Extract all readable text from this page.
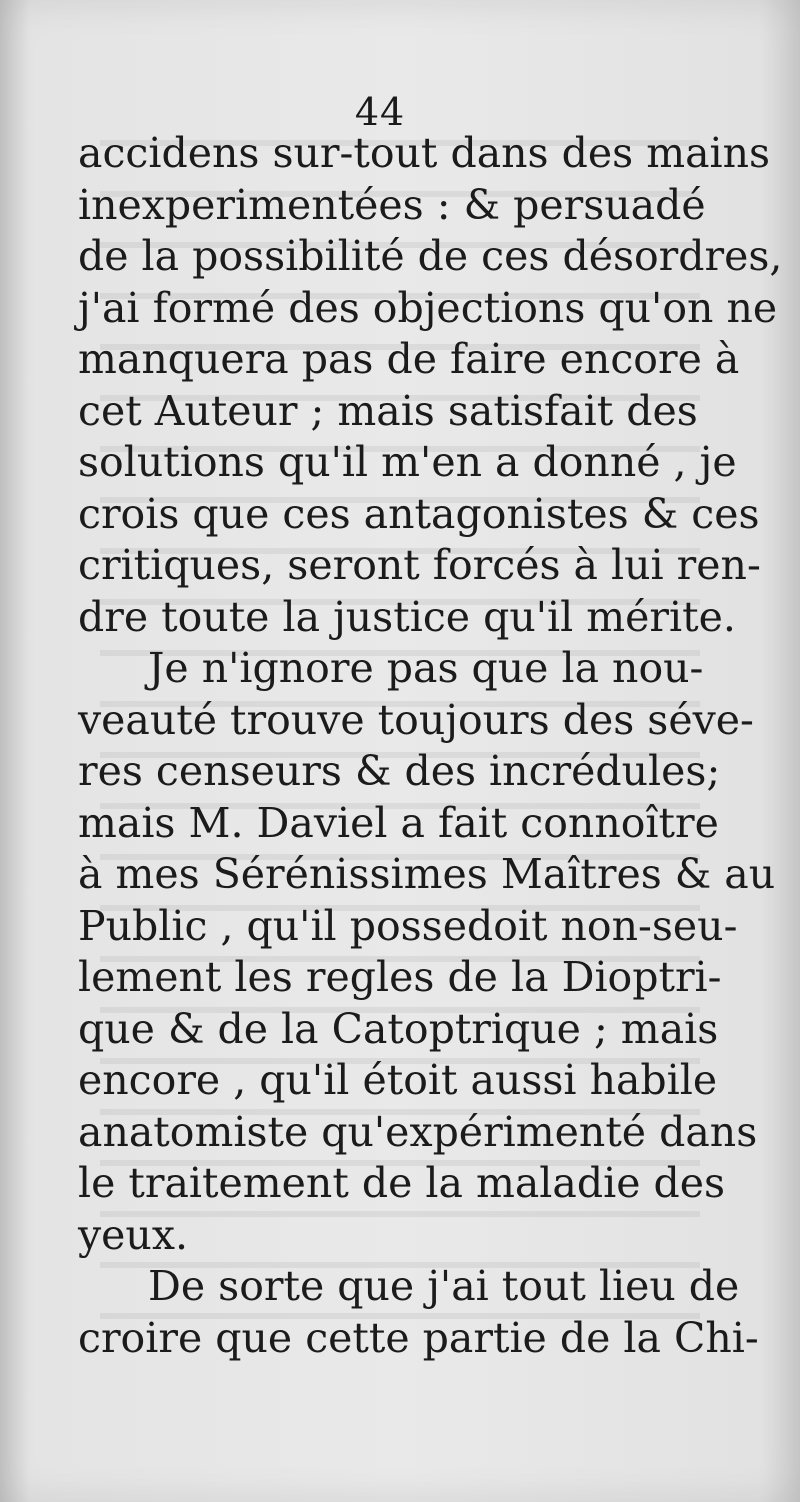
44
accidens sur-tout dans des mains
inexperimentées : & persuadé
de la possibilité de ces désordres,
j'ai formé des objections qu'on ne
manquera pas de faire encore à
cet Auteur ; mais satisfait des
solutions qu'il m'en a donné , je
crois que ces antagonistes & ces
critiques, seront forcés à lui ren-
dre toute la justice qu'il mérite.
Je n'ignore pas que la nou-
veauté trouve toujours des séve-
res censeurs & des incrédules;
mais M. Daviel a fait connoître
à mes Sérénissimes Maîtres & au
Public , qu'il possedoit non-seu-
lement les regles de la Dioptri-
que & de la Catoptrique ; mais
encore , qu'il étoit aussi habile
anatomiste qu'expérimenté dans
le traitement de la maladie des
yeux.
De sorte que j'ai tout lieu de
croire que cette partie de la Chi-
